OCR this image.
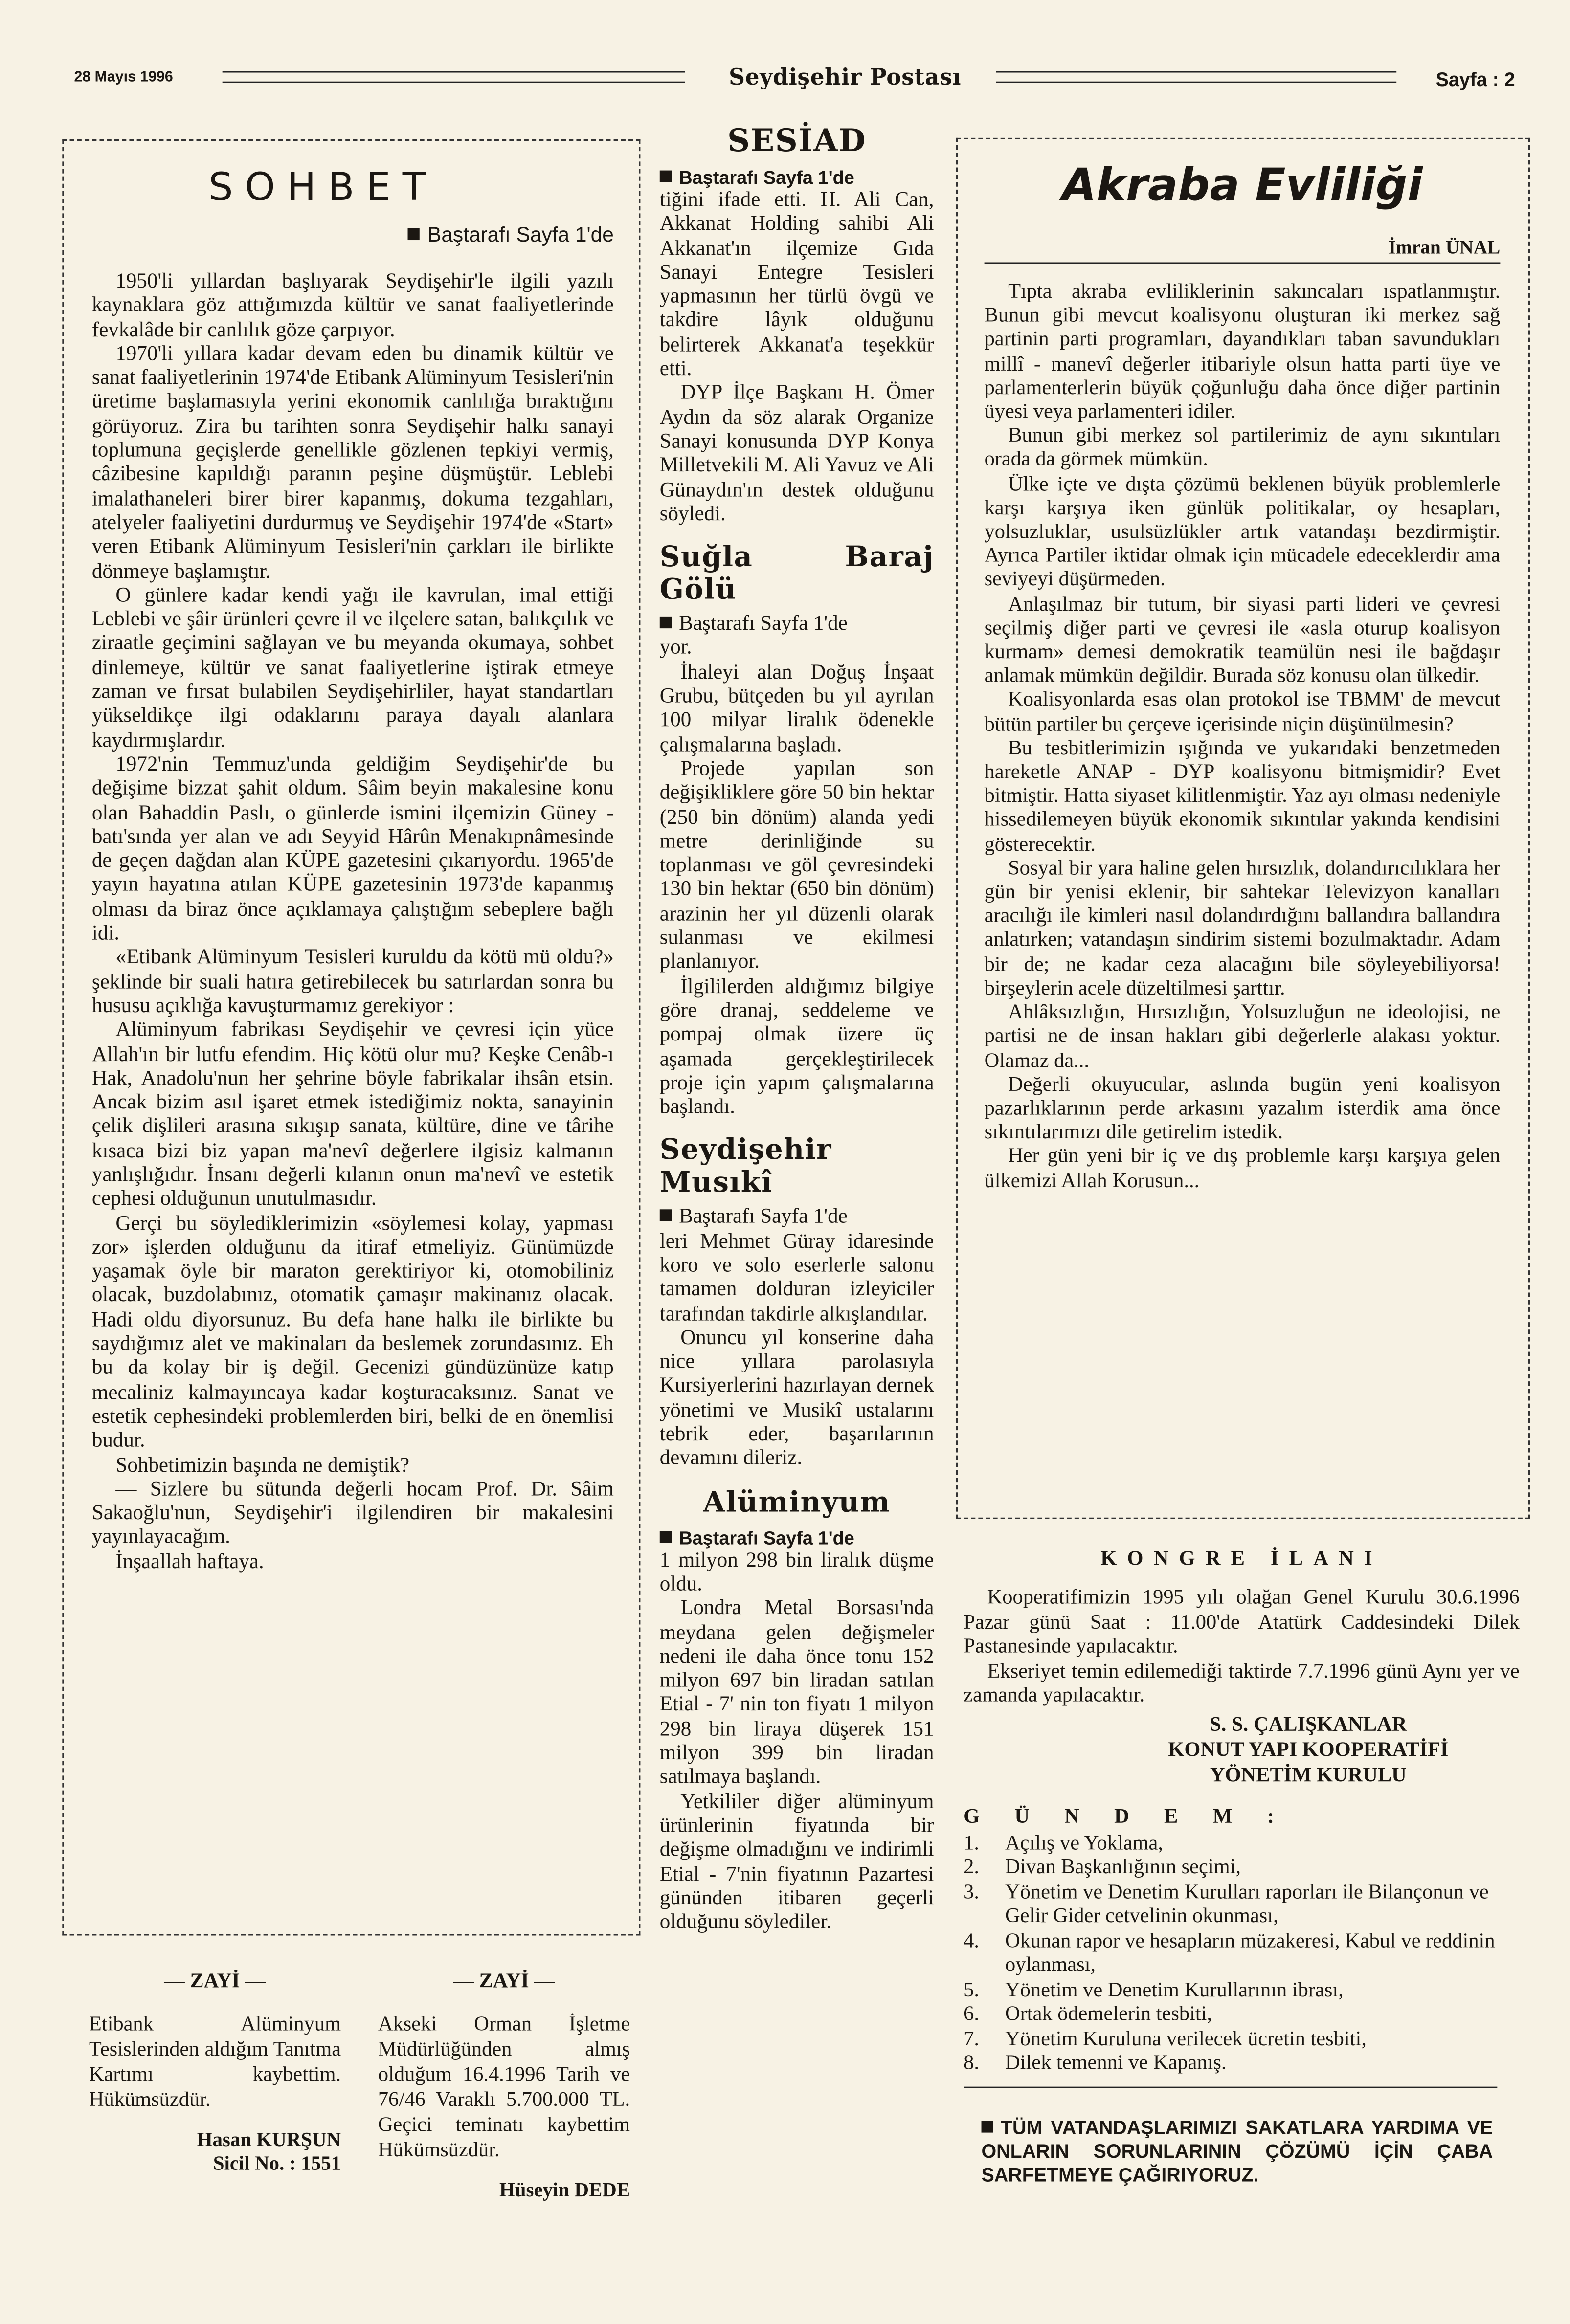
28 Mayıs 1996	Seydişehir Postası	Sayfa : 2
SOHBET
Baştarafı Sayfa 1'de

1950'li yıllardan başlıyarak Seydişehir'le ilgili yazılı kaynaklara göz attığımızda kültür ve sanat faaliyetlerinde fevkalâde bir canlılık göze çarpıyor.

1970'li yıllara kadar devam eden bu dinamik kültür ve sanat faaliyetlerinin 1974'de Etibank Alüminyum Tesisleri'nin üretime başlamasıyla yerini ekonomik canlılığa bıraktığını görüyoruz. Zira bu tarihten sonra Seydişehir halkı sanayi toplumuna geçişlerde genellikle gözlenen tepkiyi vermiş, câzibesine kapıldığı paranın peşine düşmüştür. Leblebi imalathaneleri birer birer kapanmış, dokuma tezgahları, atelyeler faaliyetini durdurmuş ve Seydişehir 1974'de «Start» veren Etibank Alüminyum Tesisleri'nin çarkları ile birlikte dönmeye başlamıştır.

O günlere kadar kendi yağı ile kavrulan, imal ettiği Leblebi ve şâir ürünleri çevre il ve ilçelere satan, balıkçılık ve ziraatle geçimini sağlayan ve bu meyanda okumaya, sohbet dinlemeye, kültür ve sanat faaliyetlerine iştirak etmeye zaman ve fırsat bulabilen Seydişehirliler, hayat standartları yükseldikçe ilgi odaklarını paraya dayalı alanlara kaydırmışlardır.

1972'nin Temmuz'unda geldiğim Seydişehir'de bu değişime bizzat şahit oldum. Sâim beyin makalesine konu olan Bahaddin Paslı, o günlerde ismini ilçemizin Güney - batı'sında yer alan ve adı Seyyid Hârûn Menakıpnâmesinde de geçen dağdan alan KÜPE gazetesini çıkarıyordu. 1965'de yayın hayatına atılan KÜPE gazetesinin 1973'de kapanmış olması da biraz önce açıklamaya çalıştığım sebeplere bağlı idi.

«Etibank Alüminyum Tesisleri kuruldu da kötü mü oldu?» şeklinde bir suali hatıra getirebilecek bu satırlardan sonra bu hususu açıklığa kavuşturmamız gerekiyor :

Alüminyum fabrikası Seydişehir ve çevresi için yüce Allah'ın bir lutfu efendim. Hiç kötü olur mu? Keşke Cenâb-ı Hak, Anadolu'nun her şehrine böyle fabrikalar ihsân etsin. Ancak bizim asıl işaret etmek istediğimiz nokta, sanayinin çelik dişlileri arasına sıkışıp sanata, kültüre, dine ve târihe kısaca bizi biz yapan ma'nevî değerlere ilgisiz kalmanın yanlışlığıdır. İnsanı değerli kılanın onun ma'nevî ve estetik cephesi olduğunun unutulmasıdır.

Gerçi bu söylediklerimizin «söylemesi kolay, yapması zor» işlerden olduğunu da itiraf etmeliyiz. Günümüzde yaşamak öyle bir maraton gerektiriyor ki, otomobiliniz olacak, buzdolabınız, otomatik çamaşır makinanız olacak. Hadi oldu diyorsunuz. Bu defa hane halkı ile birlikte bu saydığımız alet ve makinaları da beslemek zorundasınız. Eh bu da kolay bir iş değil. Gecenizi gündüzünüze katıp mecaliniz kalmayıncaya kadar koşturacaksınız. Sanat ve estetik cephesindeki problemlerden biri, belki de en önemlisi budur.

Sohbetimizin başında ne demiştik?

— Sizlere bu sütunda değerli hocam Prof. Dr. Sâim Sakaoğlu'nun, Seydişehir'i ilgilendiren bir makalesini yayınlayacağım.

İnşaallah haftaya.

— ZAYİ —

Etibank Alüminyum Tesislerinden aldığım Tanıtma Kartımı kaybettim. Hükümsüzdür.

Hasan KURŞUN
Sicil No. : 1551
— ZAYİ —

Akseki Orman İşletme Müdürlüğünden almış olduğum 16.4.1996 Tarih ve 76/46 Varaklı 5.700.000 TL. Geçici teminatı kaybettim Hükümsüzdür.

Hüseyin DEDE
SESİAD
Baştarafı Sayfa 1'de

tiğini ifade etti. H. Ali Can, Akkanat Holding sahibi Ali Akkanat'ın ilçemize Gıda Sanayi Entegre Tesisleri yapmasının her türlü övgü ve takdire lâyık olduğunu belirterek Akkanat'a teşekkür etti.

DYP İlçe Başkanı H. Ömer Aydın da söz alarak Organize Sanayi konusunda DYP Konya Milletvekili M. Ali Yavuz ve Ali Günaydın'ın destek olduğunu söyledi.

Suğla Baraj Gölü
Baştarafı Sayfa 1'de

yor.

İhaleyi alan Doğuş İnşaat Grubu, bütçeden bu yıl ayrılan 100 milyar liralık ödenekle çalışmalarına başladı.

Projede yapılan son değişikliklere göre 50 bin hektar (250 bin dönüm) alanda yedi metre derinliğinde su toplanması ve göl çevresindeki 130 bin hektar (650 bin dönüm) arazinin her yıl düzenli olarak sulanması ve ekilmesi planlanıyor.

İlgililerden aldığımız bilgiye göre dranaj, seddeleme ve pompaj olmak üzere üç aşamada gerçekleştirilecek proje için yapım çalışmalarına başlandı.

Seydişehir Musıkî
Baştarafı Sayfa 1'de

leri Mehmet Güray idaresinde koro ve solo eserlerle salonu tamamen dolduran izleyiciler tarafından takdirle alkışlandılar.

Onuncu yıl konserine daha nice yıllara parolasıyla Kursiyerlerini hazırlayan dernek yönetimi ve Musikî ustalarını tebrik eder, başarılarının devamını dileriz.

Alüminyum
Baştarafı Sayfa 1'de

1 milyon 298 bin liralık düşme oldu.

Londra Metal Borsası'nda meydana gelen değişmeler nedeni ile daha önce tonu 152 milyon 697 bin liradan satılan Etial - 7' nin ton fiyatı 1 milyon 298 bin liraya düşerek 151 milyon 399 bin liradan satılmaya başlandı.

Yetkililer diğer alüminyum ürünlerinin fiyatında bir değişme olmadığını ve indirimli Etial - 7'nin fiyatının Pazartesi gününden itibaren geçerli olduğunu söylediler.

Akraba Evliliği
İmran ÜNAL

Tıpta akraba evliliklerinin sakıncaları ıspatlanmıştır. Bunun gibi mevcut koalisyonu oluşturan iki merkez sağ partinin parti programları, dayandıkları taban savundukları millî - manevî değerler itibariyle olsun hatta parti üye ve parlamenterlerin büyük çoğunluğu daha önce diğer partinin üyesi veya parlamenteri idiler.

Bunun gibi merkez sol partilerimiz de aynı sıkıntıları orada da görmek mümkün.

Ülke içte ve dışta çözümü beklenen büyük problemlerle karşı karşıya iken günlük politikalar, oy hesapları, yolsuzluklar, usulsüzlükler artık vatandaşı bezdirmiştir. Ayrıca Partiler iktidar olmak için mücadele edeceklerdir ama seviyeyi düşürmeden.

Anlaşılmaz bir tutum, bir siyasi parti lideri ve çevresi seçilmiş diğer parti ve çevresi ile «asla oturup koalisyon kurmam» demesi demokratik teamülün nesi ile bağdaşır anlamak mümkün değildir. Burada söz konusu olan ülkedir.

Koalisyonlarda esas olan protokol ise TBMM' de mevcut bütün partiler bu çerçeve içerisinde niçin düşünülmesin?

Bu tesbitlerimizin ışığında ve yukarıdaki benzetmeden hareketle ANAP - DYP koalisyonu bitmişmidir? Evet bitmiştir. Hatta siyaset kilitlenmiştir. Yaz ayı olması nedeniyle hissedilemeyen büyük ekonomik sıkıntılar yakında kendisini gösterecektir.

Sosyal bir yara haline gelen hırsızlık, dolandırıcılıklara her gün bir yenisi eklenir, bir sahtekar Televizyon kanalları aracılığı ile kimleri nasıl dolandırdığını ballandıra ballandıra anlatırken; vatandaşın sindirim sistemi bozulmaktadır. Adam bir de; ne kadar ceza alacağını bile söyleyebiliyorsa! birşeylerin acele düzeltilmesi şarttır.

Ahlâksızlığın, Hırsızlığın, Yolsuzluğun ne ideolojisi, ne partisi ne de insan hakları gibi değerlerle alakası yoktur. Olamaz da...

Değerli okuyucular, aslında bugün yeni koalisyon pazarlıklarının perde arkasını yazalım isterdik ama önce sıkıntılarımızı dile getirelim istedik.

Her gün yeni bir iç ve dış problemle karşı karşıya gelen ülkemizi Allah Korusun...

KONGRE İLANI

Kooperatifimizin 1995 yılı olağan Genel Kurulu 30.6.1996 Pazar günü Saat : 11.00'de Atatürk Caddesindeki Dilek Pastanesinde yapılacaktır.

Ekseriyet temin edilemediği taktirde 7.7.1996 günü Aynı yer ve zamanda yapılacaktır.

S. S. ÇALIŞKANLAR
KONUT YAPI KOOPERATİFİ
YÖNETİM KURULU
G Ü N D E M :
1.	Açılış ve Yoklama,
2.	Divan Başkanlığının seçimi,
3.	Yönetim ve Denetim Kurulları raporları ile Bilançonun ve Gelir Gider cetvelinin okunması,
4.	Okunan rapor ve hesapların müzakeresi, Kabul ve reddinin oylanması,
5.	Yönetim ve Denetim Kurullarının ibrası,
6.	Ortak ödemelerin tesbiti,
7.	Yönetim Kuruluna verilecek ücretin tesbiti,
8.	Dilek temenni ve Kapanış.
TÜM VATANDAŞLARIMIZI SAKATLARA YARDIMA VE ONLARIN SORUNLARININ ÇÖZÜMÜ İÇİN ÇABA SARFETMEYE ÇAĞIRIYORUZ.
